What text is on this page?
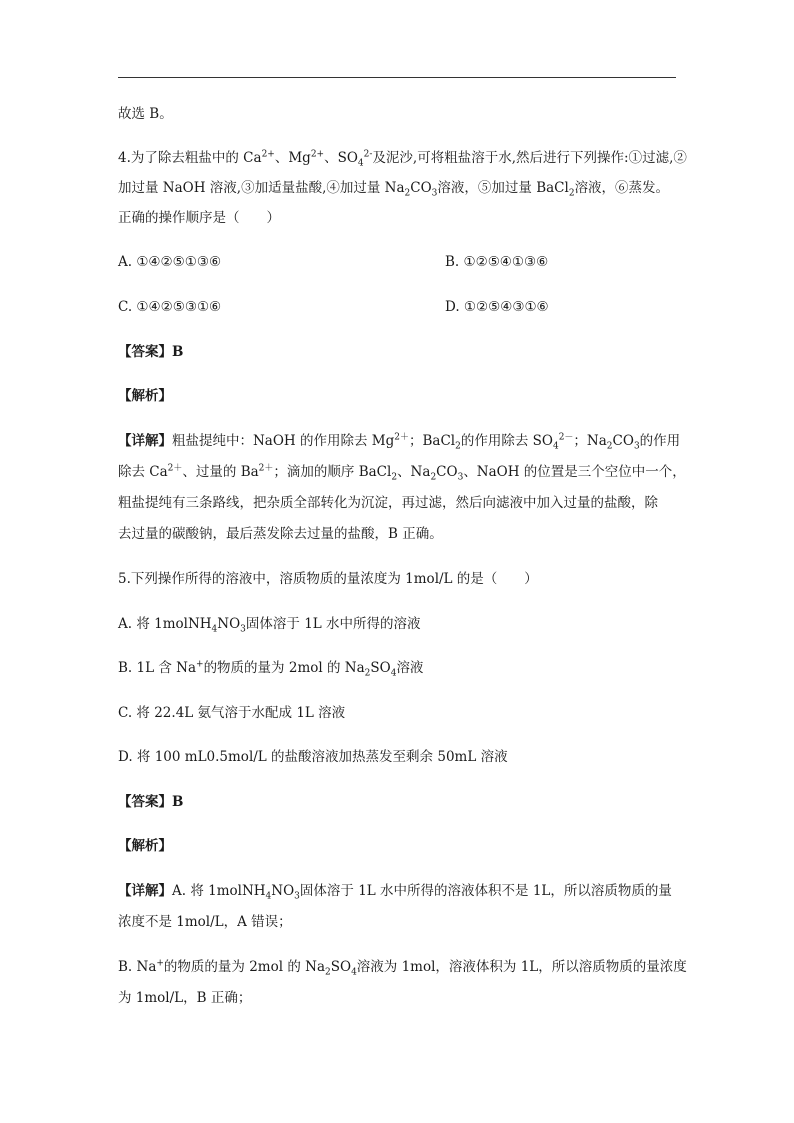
故选 B。
4.为了除去粗盐中的 $Ca^{2+}$、$Mg^{2+}$、$SO_4^{2-}$及泥沙,可将粗盐溶于水,然后进行下列操作:①过滤,②
加过量 NaOH 溶液,③加适量盐酸,④加过量 $Na_2CO_3$溶液，⑤加过量 BaCl$_2$溶液，⑥蒸发。
正确的操作顺序是（　　）
A. ①④②⑤①③⑥	B. ①②⑤④①③⑥
C. ①④②⑤③①⑥	D. ①②⑤④③①⑥
【答案】B
【解析】
【详解】粗盐提纯中：NaOH 的作用除去 $Mg^{2+}$；BaCl$_2$的作用除去 $SO_4^{2-}$；$Na_2CO_3$的作用
除去 $Ca^{2+}$、过量的 $Ba^{2+}$；滴加的顺序 BaCl$_2$、$Na_2CO_3$、NaOH 的位置是三个空位中一个，
粗盐提纯有三条路线，把杂质全部转化为沉淀，再过滤，然后向滤液中加入过量的盐酸，除
去过量的碳酸钠，最后蒸发除去过量的盐酸，B 正确。
5.下列操作所得的溶液中，溶质物质的量浓度为 1mol/L 的是（　　）
A. 将 $1molNH_4NO_3$固体溶于 1L 水中所得的溶液
B. 1L 含 Na+的物质的量为 2mol 的 $Na_2SO_4$溶液
C. 将 22.4L 氨气溶于水配成 1L 溶液
D. 将 100 mL0.5mol/L 的盐酸溶液加热蒸发至剩余 50mL 溶液
【答案】B
【解析】
【详解】A. 将 $1molNH_4NO_3$固体溶于 1L 水中所得的溶液体积不是 1L，所以溶质物质的量
浓度不是 1mol/L，A 错误；
B. Na+的物质的量为 2mol 的 $Na_2SO_4$溶液为 1mol，溶液体积为 1L，所以溶质物质的量浓度
为 1mol/L，B 正确；
